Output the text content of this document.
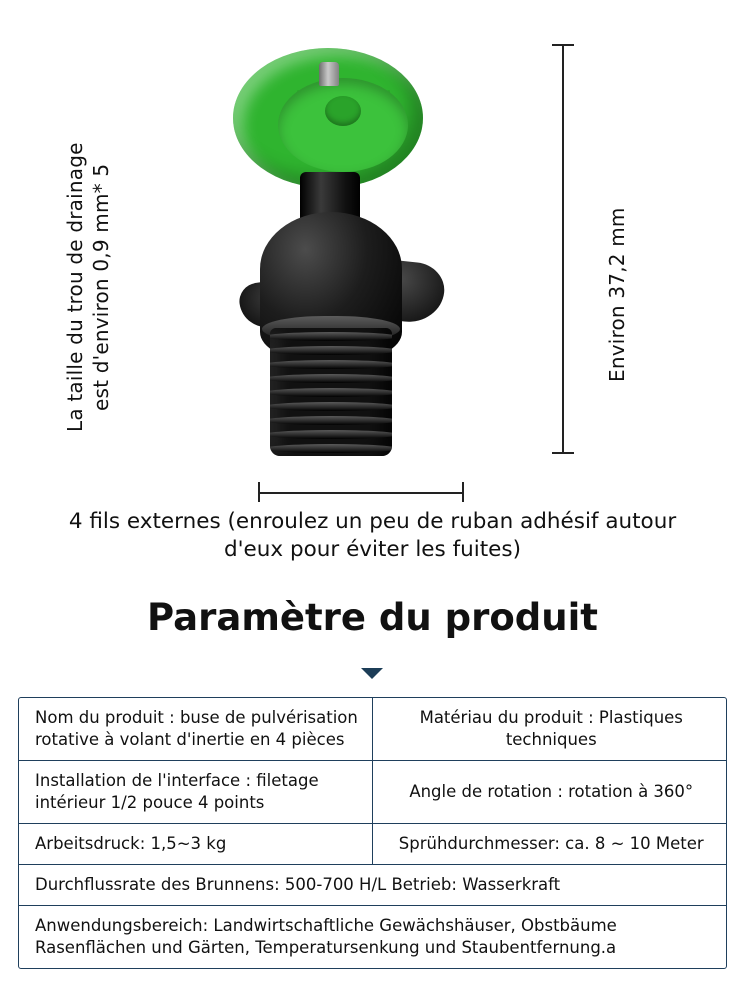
Environ 37,2 mm
La taille du trou de drainage est d'environ 0,9 mm* 5
4 fils externes (enroulez un peu de ruban adhésif autour d'eux pour éviter les fuites)
Paramètre du produit
Nom du produit : buse de pulvérisation rotative à volant d'inertie en 4 pièces
Matériau du produit : Plastiques techniques
Installation de l'interface : filetage intérieur 1/2 pouce 4 points
Angle de rotation : rotation à 360°
Arbeitsdruck: 1,5~3 kg	Sprühdurchmesser: ca. 8 ~ 10 Meter
Durchflussrate des Brunnens: 500-700 H/L Betrieb: Wasserkraft
Anwendungsbereich: Landwirtschaftliche Gewächshäuser, Obstbäume Rasenflächen und Gärten, Temperatursenkung und Staubentfernung.a
